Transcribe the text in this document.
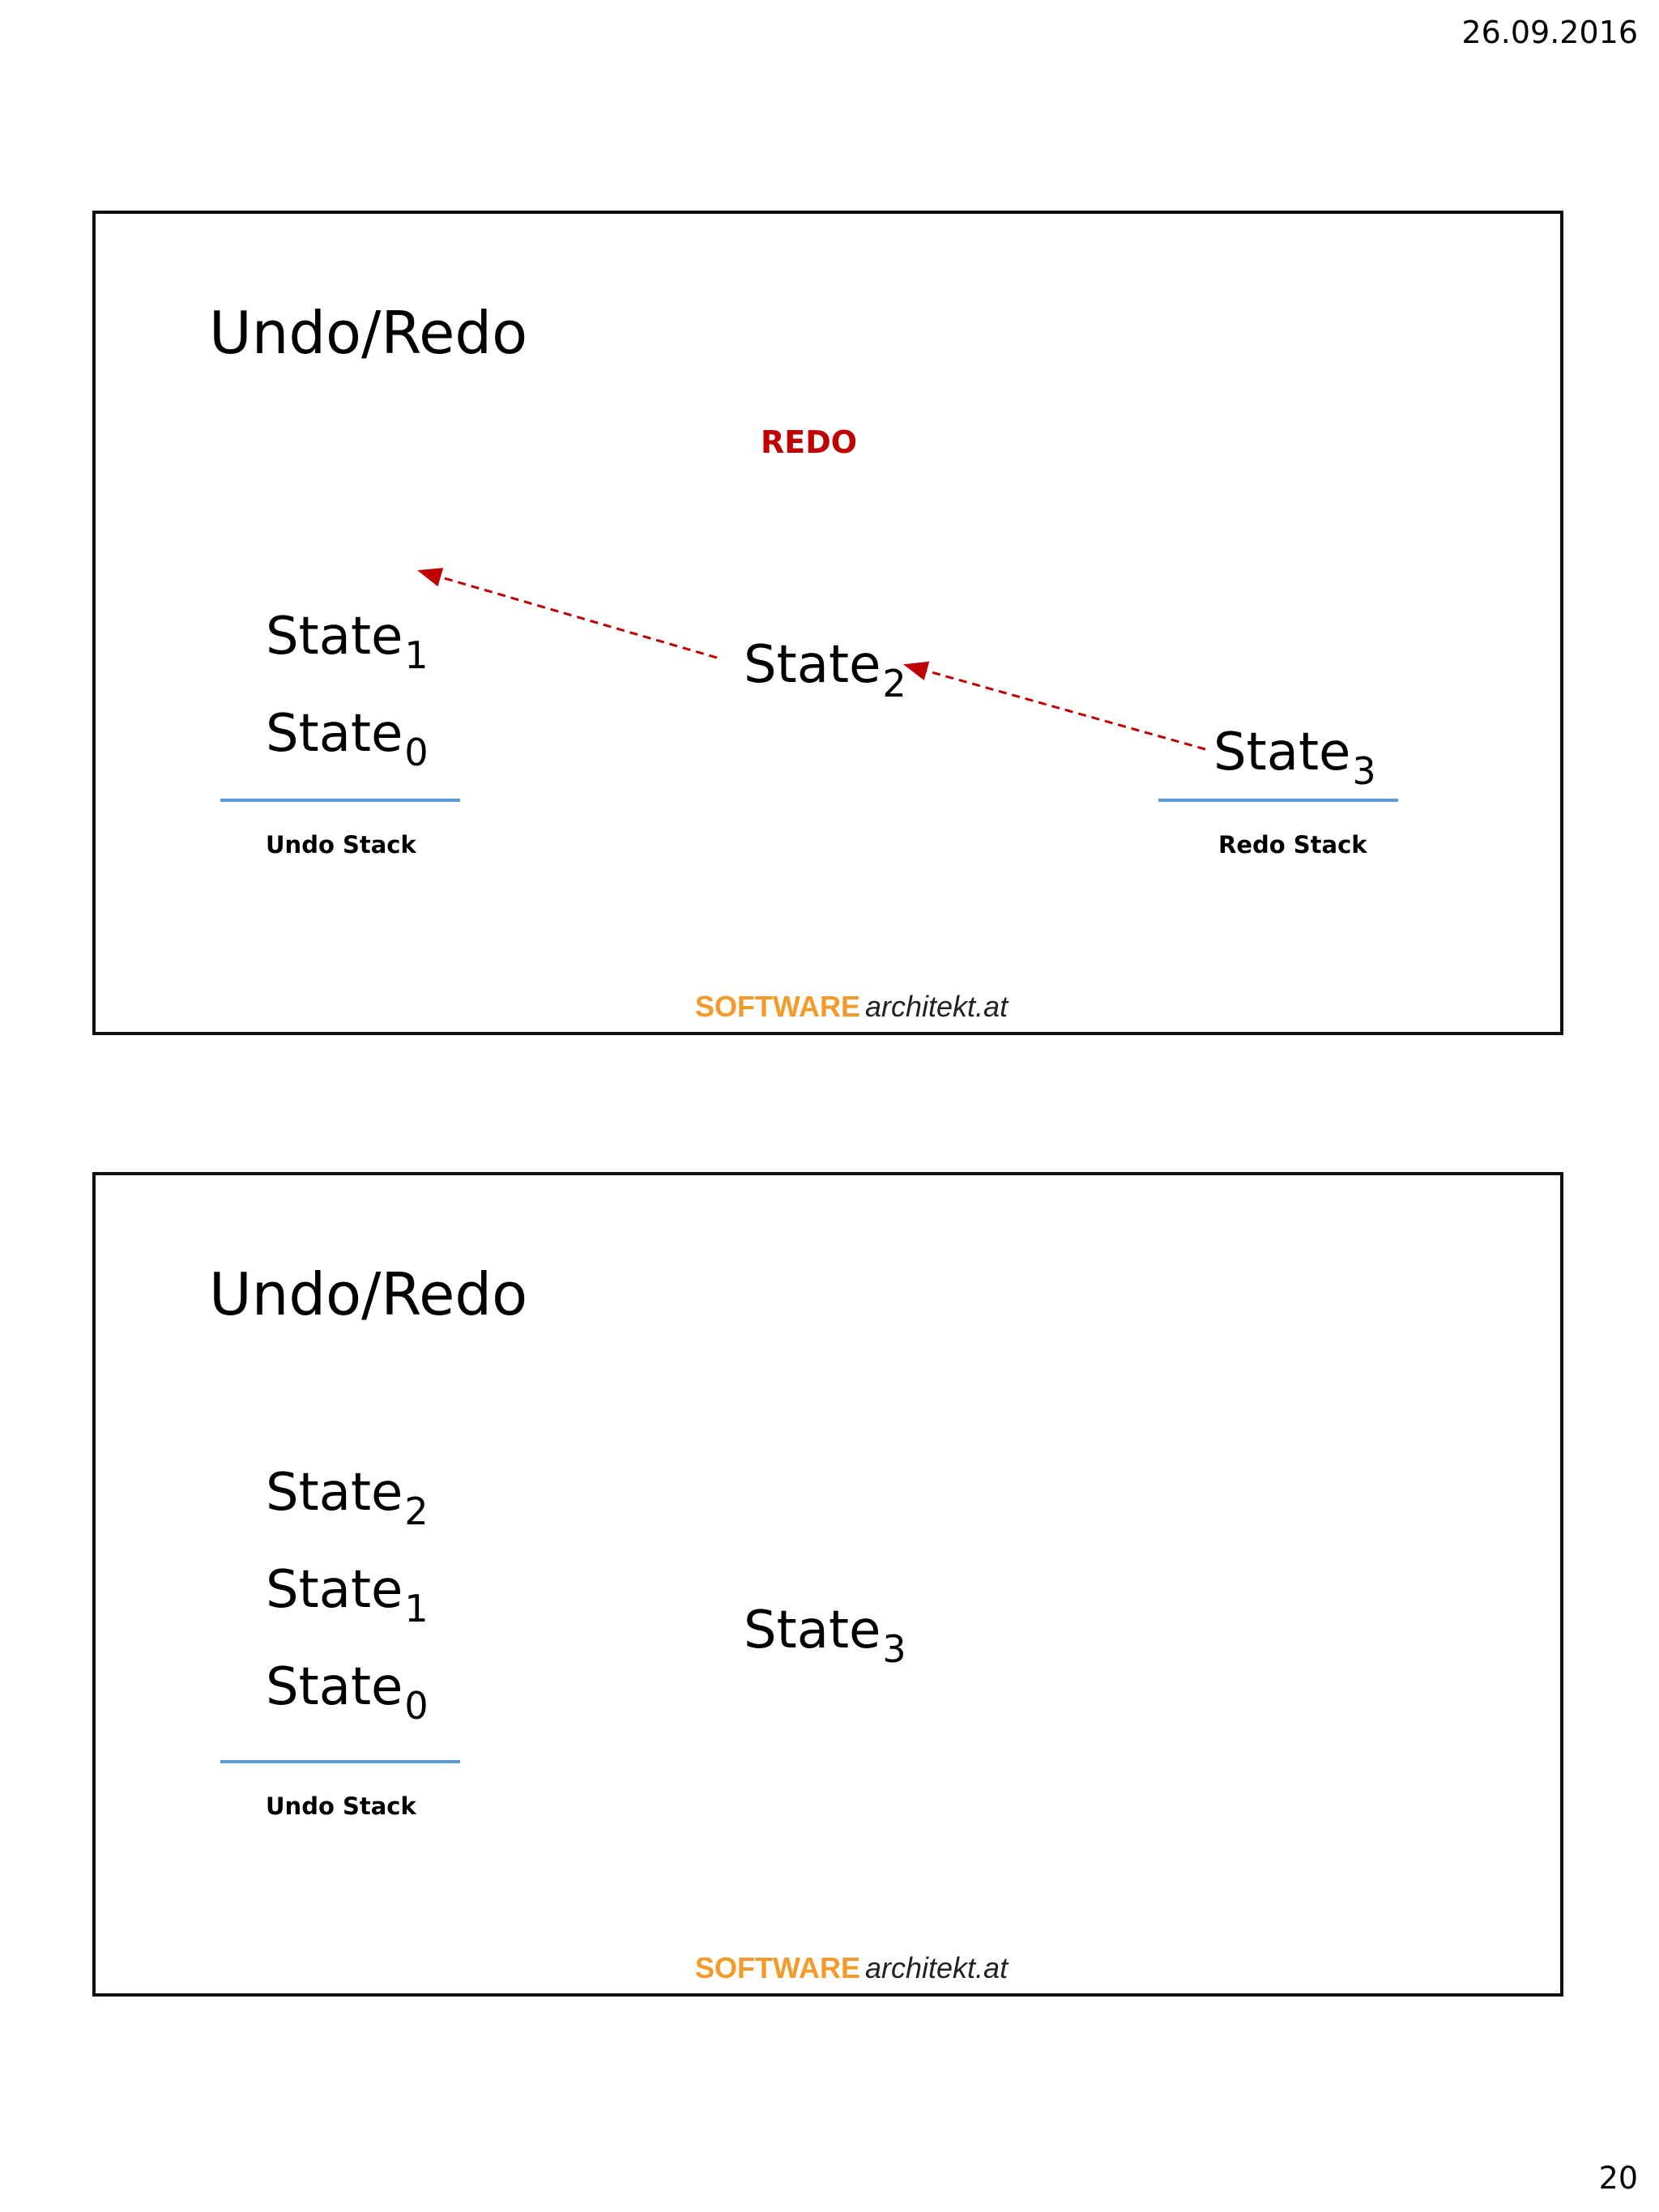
26.09.2016
Undo/Redo
REDO
State$_1$
State$_0$
Undo Stack
State$_2$
State$_3$
Redo Stack
SOFTWARE architekt.at
Undo/Redo
State$_2$
State$_1$
State$_0$
Undo Stack
State$_3$
SOFTWARE architekt.at
20
